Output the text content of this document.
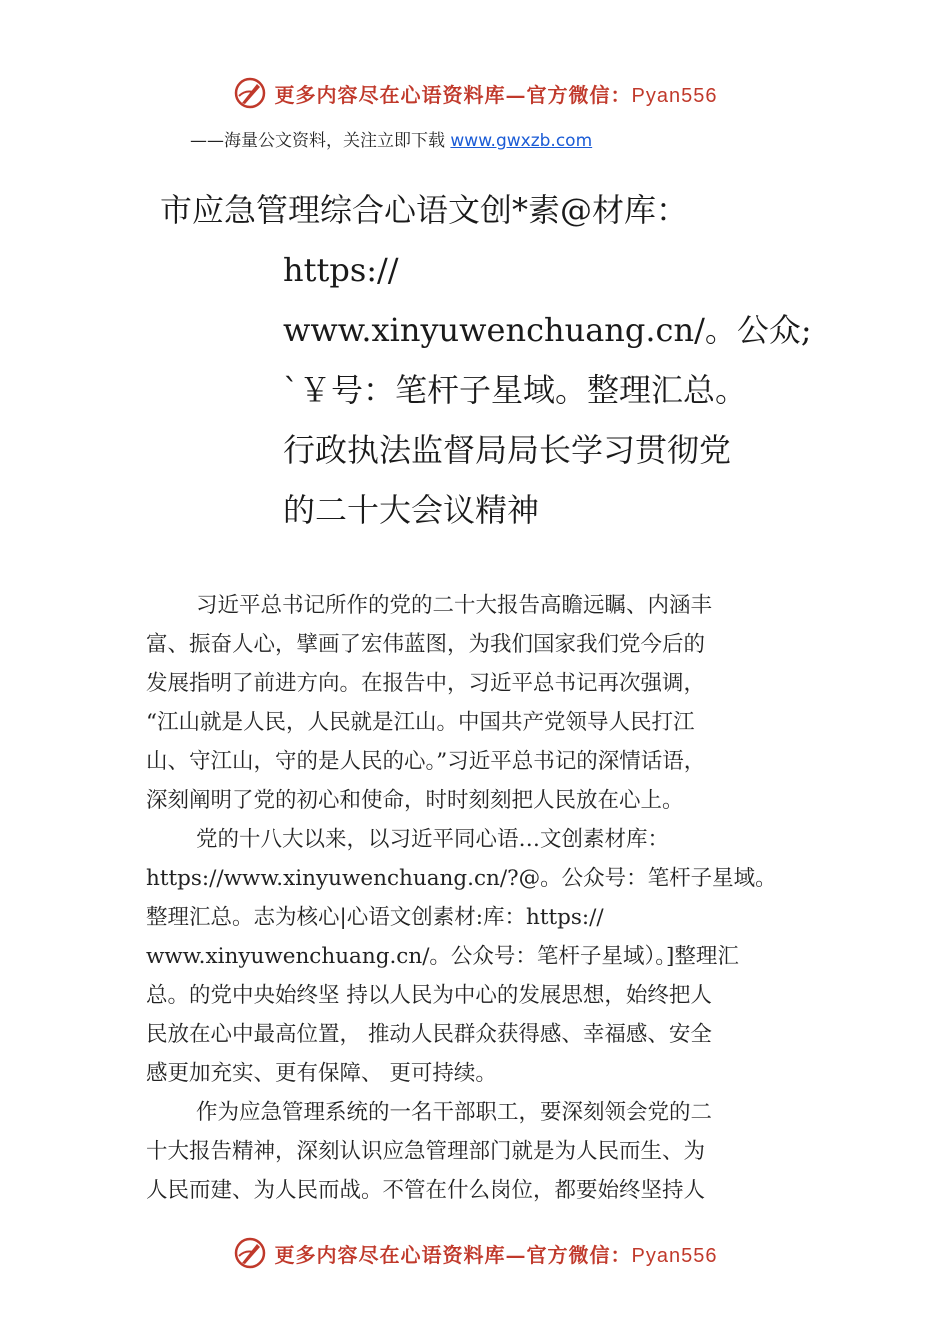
更多内容尽在心语资料库—官方微信：Pyan556
——海量公文资料，关注立即下载 www.gwxzb.com
市应急管理综合心语文创*素@材库：
https://
www.xinyuwenchuang.cn/。公众;
`￥号：笔杆子星域。整理汇总。
行政执法监督局局长学习贯彻党
的二十大会议精神
习近平总书记所作的党的二十大报告高瞻远瞩、内涵丰
富、振奋人心，擘画了宏伟蓝图，为我们国家我们党今后的
发展指明了前进方向。在报告中，习近平总书记再次强调，
“江山就是人民，人民就是江山。中国共产党领导人民打江
山、守江山，守的是人民的心。”习近平总书记的深情话语，
深刻阐明了党的初心和使命，时时刻刻把人民放在心上。
党的十八大以来，以习近平同心语…文创素材库：
https://www.xinyuwenchuang.cn/?@。公众号：笔杆子星域。
整理汇总。志为核心|心语文创素材:库：https://
www.xinyuwenchuang.cn/。公众号：笔杆子星域）。]整理汇
总。的党中央始终坚 持以人民为中心的发展思想，始终把人
民放在心中最高位置， 推动人民群众获得感、幸福感、安全
感更加充实、更有保障、 更可持续。
作为应急管理系统的一名干部职工，要深刻领会党的二
十大报告精神，深刻认识应急管理部门就是为人民而生、为
人民而建、为人民而战。不管在什么岗位，都要始终坚持人
更多内容尽在心语资料库—官方微信：Pyan556
